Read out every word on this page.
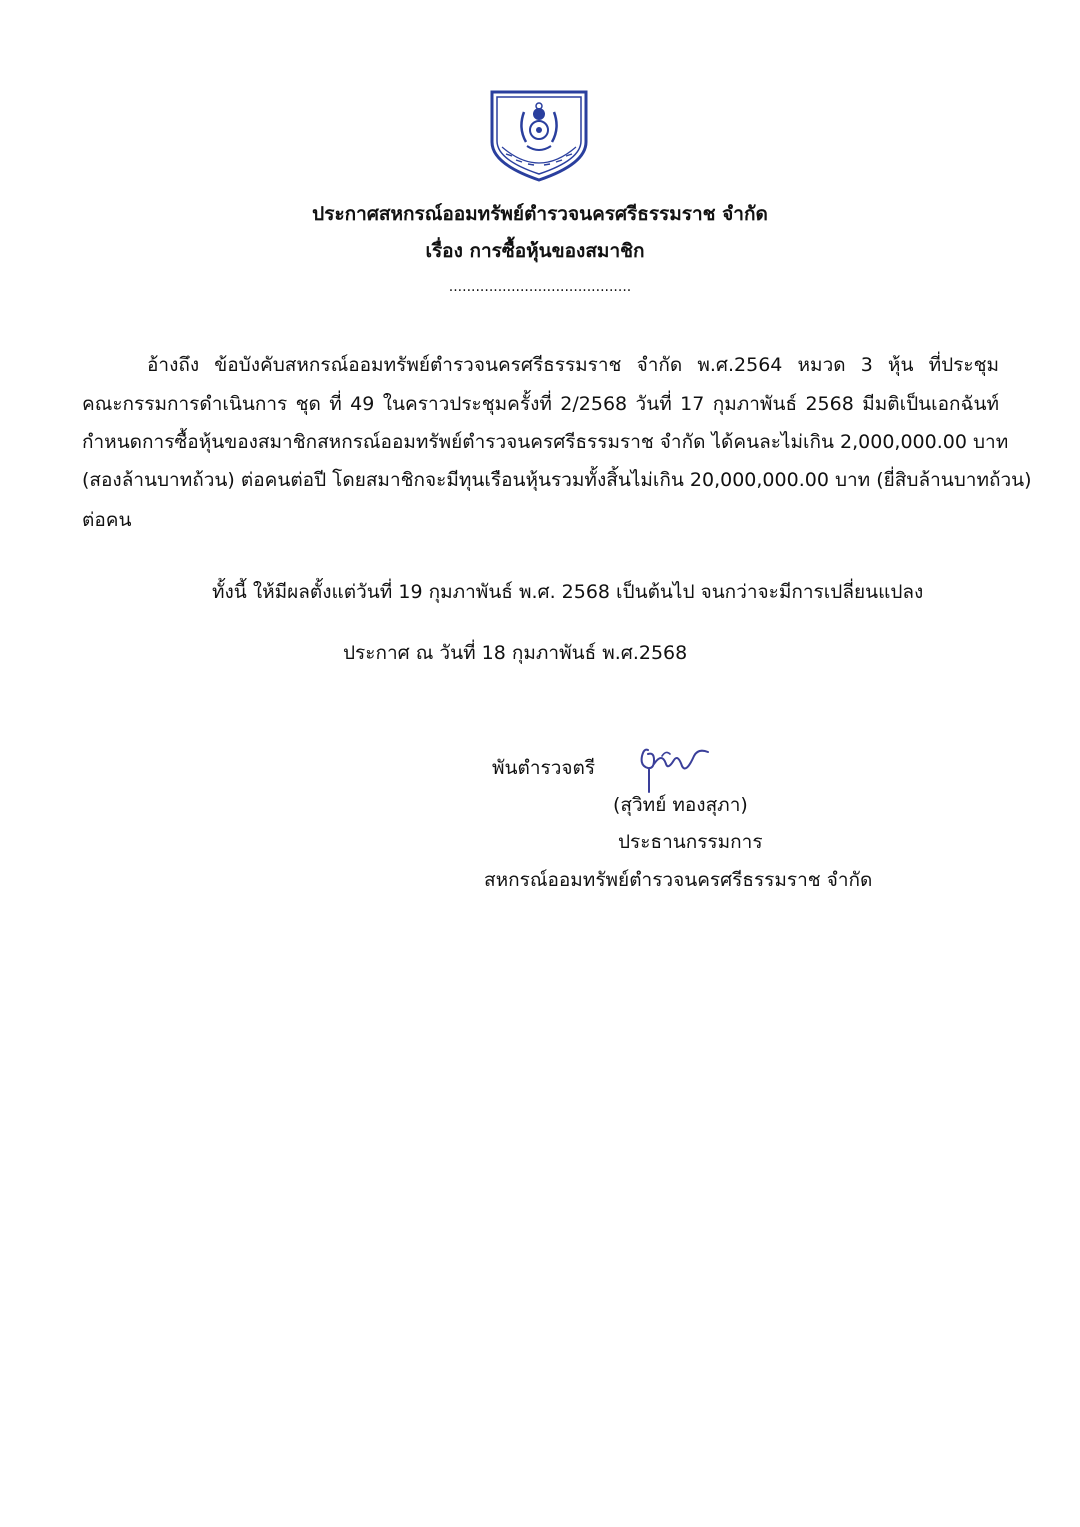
ประกาศสหกรณ์ออมทรัพย์ตำรวจนครศรีธรรมราช จำกัด
เรื่อง การซื้อหุ้นของสมาชิก
.........................................
อ้างถึง ข้อบังคับสหกรณ์ออมทรัพย์ตำรวจนครศรีธรรมราช จำกัด พ.ศ.2564 หมวด 3 หุ้น ที่ประชุม
คณะกรรมการดำเนินการ ชุด ที่ 49 ในคราวประชุมครั้งที่ 2/2568 วันที่ 17 กุมภาพันธ์ 2568 มีมติเป็นเอกฉันท์
กำหนดการซื้อหุ้นของสมาชิกสหกรณ์ออมทรัพย์ตำรวจนครศรีธรรมราช จำกัด ได้คนละไม่เกิน 2,000,000.00 บาท
(สองล้านบาทถ้วน) ต่อคนต่อปี โดยสมาชิกจะมีทุนเรือนหุ้นรวมทั้งสิ้นไม่เกิน 20,000,000.00 บาท (ยี่สิบล้านบาทถ้วน)
ต่อคน
ทั้งนี้ ให้มีผลตั้งแต่วันที่ 19 กุมภาพันธ์ พ.ศ. 2568 เป็นต้นไป จนกว่าจะมีการเปลี่ยนแปลง
ประกาศ ณ วันที่ 18 กุมภาพันธ์ พ.ศ.2568
พันตำรวจตรี
(สุวิทย์ ทองสุภา)
ประธานกรรมการ
สหกรณ์ออมทรัพย์ตำรวจนครศรีธรรมราช จำกัด
